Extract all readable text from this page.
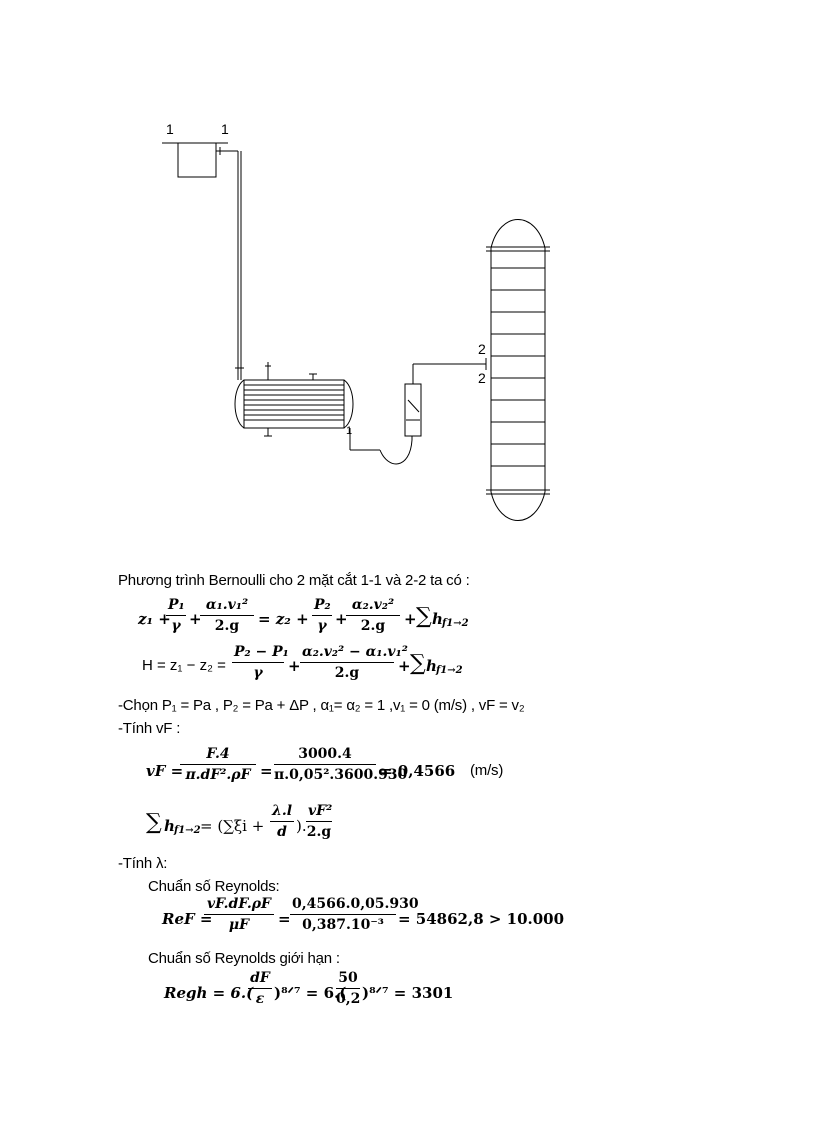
1	1
1
2
2
Phương trình Bernoulli cho 2 mặt cắt 1-1 và 2-2 ta có :
z₁ +
$\frac{\text{P₁}}{\gamma}$ +
$\frac{\text{α₁.v₁²}}{2.g} = z_2 + \frac{\text{P₂}}{\gamma}$ +
$\frac{\text{α₂.v₂²}}{2.g}$ + ∑ h f1→2
$H = z_1 - z_2 = \frac{\text{P₂ − P₁}}{\gamma} + \frac{\text{α₂.v₂² − α₁.v₁²}}{2.g}$ + ∑ h f1→2
-Chọn P₁ = Pa , P₂ = Pa + ΔP , α₁= α₂ = 1 ,v₁ = 0 (m/s) , vF = v₂
-Tính vF :
vF =
$\frac{F.4}{\text{π.dF².ρF}} = \frac{3000.4}{\text{π.0,05².3600.930}} = 0,4566$ (m/s)
∑ h $f1\to 2 = (\sum\xi i + \frac{\lambda.l}{d}$ ). $\frac{\text{vF²}}{2.g}$
-Tính λ:
Chuẩn số Reynolds:
ReF =
$\frac{vF.dF.\rho F}{\mu F} = \frac{0,4566.0,05.930}{\text{0,387.10⁻³}} = 54862,8 > 10.000$
Chuẩn số Reynolds giới hạn :
Regh = 6.(
$\frac{dF}{\varepsilon}$ )⁸ᐟ⁷ = 6.(
$\frac{50}{0,2}$ )⁸ᐟ⁷ = 3301
